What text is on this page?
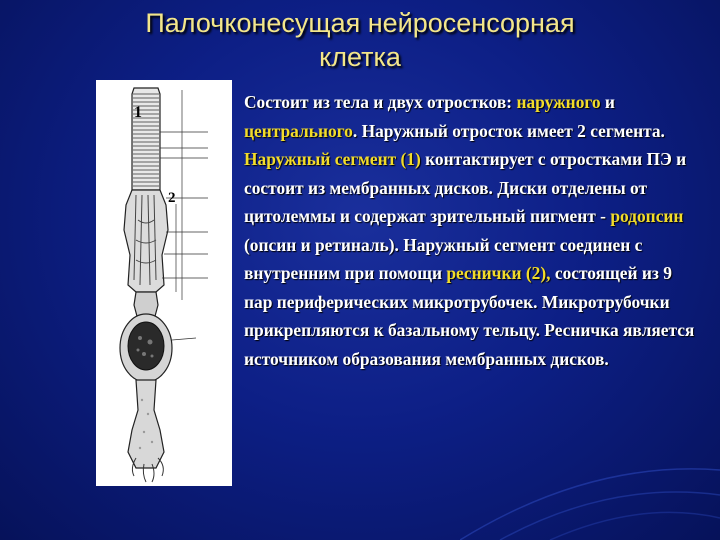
Палочконесущая нейросенсорная
клетка
1
2
Состоит из тела и двух отростков: наружного и центрального. Наружный отросток имеет 2 сегмента. Наружный сегмент (1) контактирует с отростками ПЭ и состоит из мембранных дисков. Диски отделены от цитолеммы и содержат зрительный пигмент - родопсин (опсин и ретиналь). Наружный сегмент соединен с внутренним при помощи реснички (2), состоящей из 9 пар периферических микротрубочек. Микротрубочки прикрепляются к базальному тельцу. Ресничка является источником образования мембранных дисков.
